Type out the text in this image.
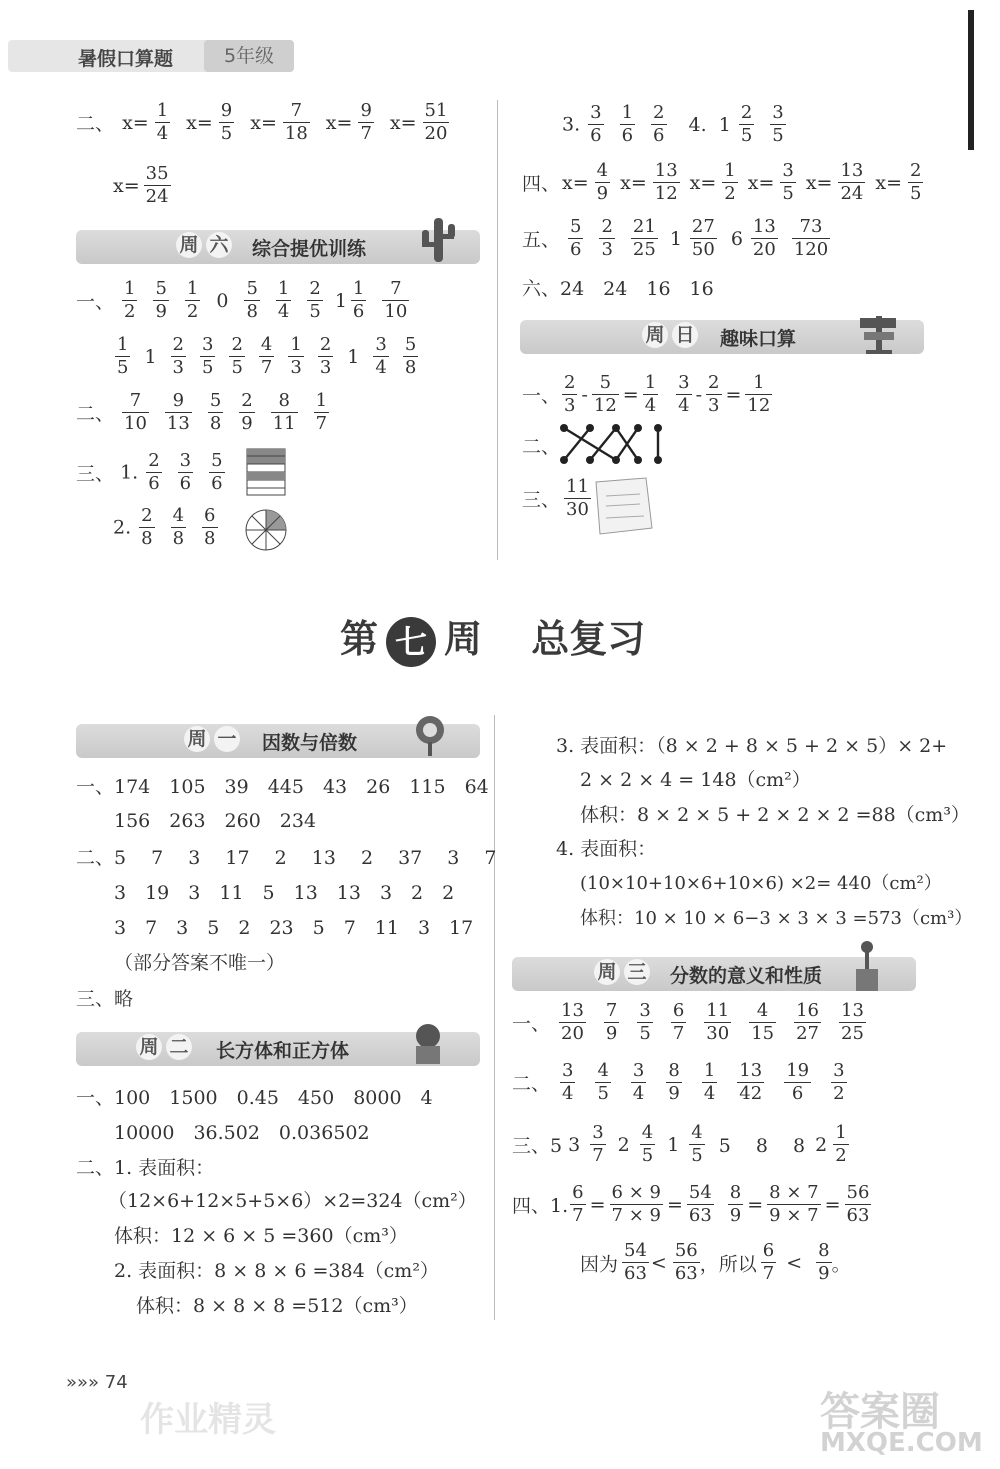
暑假口算题	5年级
二、 $x= \frac{1}{4} x= \frac{9}{5} x= \frac{7}{18} x= \frac{9}{7} x= \frac{51}{20}$
$x= \frac{35}{24}$
周 六	综合提优训练
一、 $\frac{1}{2} \frac{5}{9} \frac{1}{2} 0 \frac{5}{8} \frac{1}{4} \frac{2}{5} 1 \frac{1}{6} \frac{7}{10}$
$\frac{1}{5} 1 \frac{2}{3} \frac{3}{5} \frac{2}{5} \frac{4}{7} \frac{1}{3} \frac{2}{3} 1 \frac{3}{4} \frac{5}{8}$
二、 $\frac{7}{10} \frac{9}{13} \frac{5}{8} \frac{2}{9} \frac{8}{11} \frac{1}{7}$
三、 1. $\frac{2}{6} \frac{3}{6} \frac{5}{6}$
2. $\frac{2}{8} \frac{4}{8} \frac{6}{8}$
3. $\frac{3}{6} \frac{1}{6} \frac{2}{6} 4$. $1 \frac{2}{5} \frac{3}{5}$
四、 $x= \frac{4}{9} x= \frac{13}{12} x= \frac{1}{2} x= \frac{3}{5} x= \frac{13}{24} x= \frac{2}{5}$
五、 $\frac{5}{6} \frac{2}{3} \frac{21}{25} 1 \frac{27}{50} 6 \frac{13}{20} \frac{73}{120}$
六、24　24　16　16
周 日	趣味口算
一、 $\frac{2}{3} - \frac{5}{12} = \frac{1}{4} \frac{3}{4} - \frac{2}{3} = \frac{1}{12}$
二、
三、 $\frac{11}{30}$
第 七 周 总复习
周 一	因数与倍数
一、174　105　39　445　43　26　115　64
156　263　260　234
二、5　 7　 3　 17　 2　 13　 2　 37　 3　 7
3　19　3　11　5　13　13　3　2　2
3　7　3　5　2　23　5　7　11　3　17
（部分答案不唯一）
三、略
周 二	长方体和正方体
一、100　1500　0.45　450　8000　4
10000　36.502　0.036502
二、1. 表面积：
（12×6+12×5+5×6）×2=324（cm²）
体积：12 × 6 × 5 =360（cm³）
2. 表面积：8 × 8 × 6 =384（cm²）
体积：8 × 8 × 8 =512（cm³）
3. 表面积：（8 × 2 + 8 × 5 + 2 × 5）× 2+
2 × 2 × 4 = 148（cm²）
体积：8 × 2 × 5 + 2 × 2 × 2 =88（cm³）
4. 表面积：
(10×10+10×6+10×6) ×2= 440（cm²）
体积：10 × 10 × 6−3 × 3 × 3 =573（cm³）
周 三	分数的意义和性质
一、 $\frac{13}{20} \frac{7}{9} \frac{3}{5} \frac{6}{7} \frac{11}{30} \frac{4}{15} \frac{16}{27} \frac{13}{25}$
二、 $\frac{3}{4} \frac{4}{5} \frac{3}{4} \frac{8}{9} \frac{1}{4} \frac{13}{42} \frac{19}{6} \frac{3}{2}$
三、5 $3 \frac{3}{7} 2 \frac{4}{5} 1 \frac{4}{5} 5$　 8　 8 $2 \frac{1}{2}$
四、1. $\frac{6}{7} = \frac{6 \times 9}{7 \times 9} = \frac{54}{63} \frac{8}{9} = \frac{8 \times 7}{9 \times 7} = \frac{56}{63}$
因为 $\frac{54}{63} < \frac{56}{63}$ ，所以 $\frac{6}{7} < \frac{8}{9}$ 。
»»» 74
作业精灵	答案圈
MXQE.COM
